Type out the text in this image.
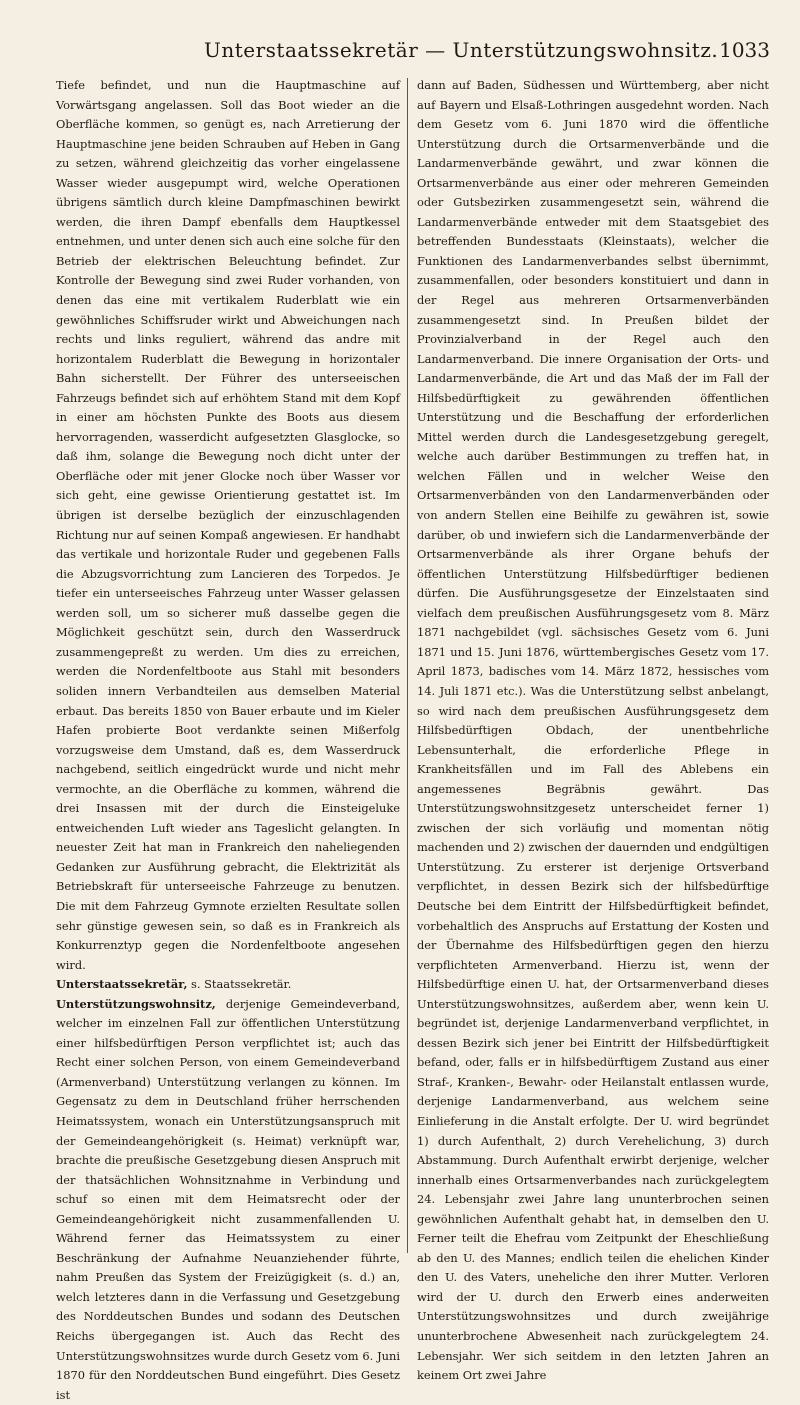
Unterstaatssekretär — Unterstützungswohnsitz. 1033

Tiefe befindet, und nun die Hauptmaschine auf Vorwärtsgang angelassen. Soll das Boot wieder an die Oberfläche kommen, so genügt es, nach Arretierung der Hauptmaschine jene beiden Schrauben auf Heben in Gang zu setzen, während gleichzeitig das vorher eingelassene Wasser wieder ausgepumpt wird, welche Operationen übrigens sämtlich durch kleine Dampfmaschinen bewirkt werden, die ihren Dampf ebenfalls dem Hauptkessel entnehmen, und unter denen sich auch eine solche für den Betrieb der elektrischen Beleuchtung befindet. Zur Kontrolle der Bewegung sind zwei Ruder vorhanden, von denen das eine mit vertikalem Ruderblatt wie ein gewöhnliches Schiffsruder wirkt und Abweichungen nach rechts und links reguliert, während das andre mit horizontalem Ruderblatt die Bewegung in horizontaler Bahn sicherstellt. Der Führer des unterseeischen Fahrzeugs befindet sich auf erhöhtem Stand mit dem Kopf in einer am höchsten Punkte des Boots aus diesem hervorragenden, wasserdicht aufgesetzten Glasglocke, so daß ihm, solange die Bewegung noch dicht unter der Oberfläche oder mit jener Glocke noch über Wasser vor sich geht, eine gewisse Orientierung gestattet ist. Im übrigen ist derselbe bezüglich der einzuschlagenden Richtung nur auf seinen Kompaß angewiesen. Er handhabt das vertikale und horizontale Ruder und gegebenen Falls die Abzugsvorrichtung zum Lancieren des Torpedos. Je tiefer ein unterseeisches Fahrzeug unter Wasser gelassen werden soll, um so sicherer muß dasselbe gegen die Möglichkeit geschützt sein, durch den Wasserdruck zusammengepreßt zu werden. Um dies zu erreichen, werden die Nordenfeltboote aus Stahl mit besonders soliden innern Verbandteilen aus demselben Material erbaut. Das bereits 1850 von Bauer erbaute und im Kieler Hafen probierte Boot verdankte seinen Mißerfolg vorzugsweise dem Umstand, daß es, dem Wasserdruck nachgebend, seitlich eingedrückt wurde und nicht mehr vermochte, an die Oberfläche zu kommen, während die drei Insassen mit der durch die Einsteigeluke entweichenden Luft wieder ans Tageslicht gelangten. In neuester Zeit hat man in Frankreich den naheliegenden Gedanken zur Ausführung gebracht, die Elektrizität als Betriebskraft für unterseeische Fahrzeuge zu benutzen. Die mit dem Fahrzeug Gymnote erzielten Resultate sollen sehr günstige gewesen sein, so daß es in Frankreich als Konkurrenztyp gegen die Nordenfeltboote angesehen wird.

Unterstaatssekretär, s. Staatssekretär.

Unterstützungswohnsitz, derjenige Gemeindeverband, welcher im einzelnen Fall zur öffentlichen Unterstützung einer hilfsbedürftigen Person verpflichtet ist; auch das Recht einer solchen Person, von einem Gemeindeverband (Armenverband) Unterstützung verlangen zu können. Im Gegensatz zu dem in Deutschland früher herrschenden Heimatssystem, wonach ein Unterstützungsanspruch mit der Gemeindeangehörigkeit (s. Heimat) verknüpft war, brachte die preußische Gesetzgebung diesen Anspruch mit der thatsächlichen Wohnsitznahme in Verbindung und schuf so einen mit dem Heimatsrecht oder der Gemeindeangehörigkeit nicht zusammenfallenden U. Während ferner das Heimatssystem zu einer Beschränkung der Aufnahme Neuanziehender führte, nahm Preußen das System der Freizügigkeit (s. d.) an, welch letzteres dann in die Verfassung und Gesetzgebung des Norddeutschen Bundes und sodann des Deutschen Reichs übergegangen ist. Auch das Recht des Unterstützungswohnsitzes wurde durch Gesetz vom 6. Juni 1870 für den Norddeutschen Bund eingeführt. Dies Gesetz ist

dann auf Baden, Südhessen und Württemberg, aber nicht auf Bayern und Elsaß-Lothringen ausgedehnt worden. Nach dem Gesetz vom 6. Juni 1870 wird die öffentliche Unterstützung durch die Ortsarmenverbände und die Landarmenverbände gewährt, und zwar können die Ortsarmenverbände aus einer oder mehreren Gemeinden oder Gutsbezirken zusammengesetzt sein, während die Landarmenverbände entweder mit dem Staatsgebiet des betreffenden Bundesstaats (Kleinstaats), welcher die Funktionen des Landarmenverbandes selbst übernimmt, zusammenfallen, oder besonders konstituiert und dann in der Regel aus mehreren Ortsarmenverbänden zusammengesetzt sind. In Preußen bildet der Provinzialverband in der Regel auch den Landarmenverband. Die innere Organisation der Orts- und Landarmenverbände, die Art und das Maß der im Fall der Hilfsbedürftigkeit zu gewährenden öffentlichen Unterstützung und die Beschaffung der erforderlichen Mittel werden durch die Landesgesetzgebung geregelt, welche auch darüber Bestimmungen zu treffen hat, in welchen Fällen und in welcher Weise den Ortsarmenverbänden von den Landarmenverbänden oder von andern Stellen eine Beihilfe zu gewähren ist, sowie darüber, ob und inwiefern sich die Landarmenverbände der Ortsarmenverbände als ihrer Organe behufs der öffentlichen Unterstützung Hilfsbedürftiger bedienen dürfen. Die Ausführungsgesetze der Einzelstaaten sind vielfach dem preußischen Ausführungsgesetz vom 8. März 1871 nachgebildet (vgl. sächsisches Gesetz vom 6. Juni 1871 und 15. Juni 1876, württembergisches Gesetz vom 17. April 1873, badisches vom 14. März 1872, hessisches vom 14. Juli 1871 etc.). Was die Unterstützung selbst anbelangt, so wird nach dem preußischen Ausführungsgesetz dem Hilfsbedürftigen Obdach, der unentbehrliche Lebensunterhalt, die erforderliche Pflege in Krankheitsfällen und im Fall des Ablebens ein angemessenes Begräbnis gewährt. Das Unterstützungswohnsitzgesetz unterscheidet ferner 1) zwischen der sich vorläufig und momentan nötig machenden und 2) zwischen der dauernden und endgültigen Unterstützung. Zu ersterer ist derjenige Ortsverband verpflichtet, in dessen Bezirk sich der hilfsbedürftige Deutsche bei dem Eintritt der Hilfsbedürftigkeit befindet, vorbehaltlich des Anspruchs auf Erstattung der Kosten und der Übernahme des Hilfsbedürftigen gegen den hierzu verpflichteten Armenverband. Hierzu ist, wenn der Hilfsbedürftige einen U. hat, der Ortsarmenverband dieses Unterstützungswohnsitzes, außerdem aber, wenn kein U. begründet ist, derjenige Landarmenverband verpflichtet, in dessen Bezirk sich jener bei Eintritt der Hilfsbedürftigkeit befand, oder, falls er in hilfsbedürftigem Zustand aus einer Straf-, Kranken-, Bewahr- oder Heilanstalt entlassen wurde, derjenige Landarmenverband, aus welchem seine Einlieferung in die Anstalt erfolgte. Der U. wird begründet 1) durch Aufenthalt, 2) durch Verehelichung, 3) durch Abstammung. Durch Aufenthalt erwirbt derjenige, welcher innerhalb eines Ortsarmenverbandes nach zurückgelegtem 24. Lebensjahr zwei Jahre lang ununterbrochen seinen gewöhnlichen Aufenthalt gehabt hat, in demselben den U. Ferner teilt die Ehefrau vom Zeitpunkt der Eheschließung ab den U. des Mannes; endlich teilen die ehelichen Kinder den U. des Vaters, uneheliche den ihrer Mutter. Verloren wird der U. durch den Erwerb eines anderweiten Unterstützungswohnsitzes und durch zweijährige ununterbrochene Abwesenheit nach zurückgelegtem 24. Lebensjahr. Wer sich seitdem in den letzten Jahren an keinem Ort zwei Jahre
